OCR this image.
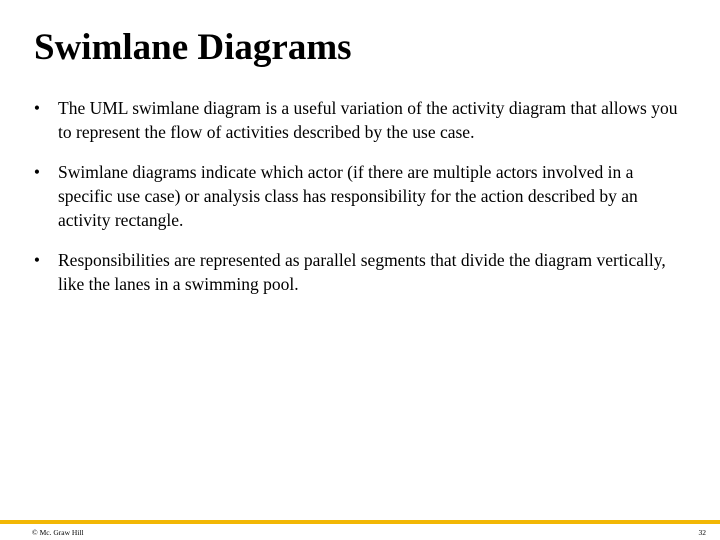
Swimlane Diagrams
• The UML swimlane diagram is a useful variation of the activity diagram that allows you to represent the flow of activities described by the use case.
• Swimlane diagrams indicate which actor (if there are multiple actors involved in a specific use case) or analysis class has responsibility for the action described by an activity rectangle.
• Responsibilities are represented as parallel segments that divide the diagram vertically, like the lanes in a swimming pool.
© Mc. Graw Hill	32
